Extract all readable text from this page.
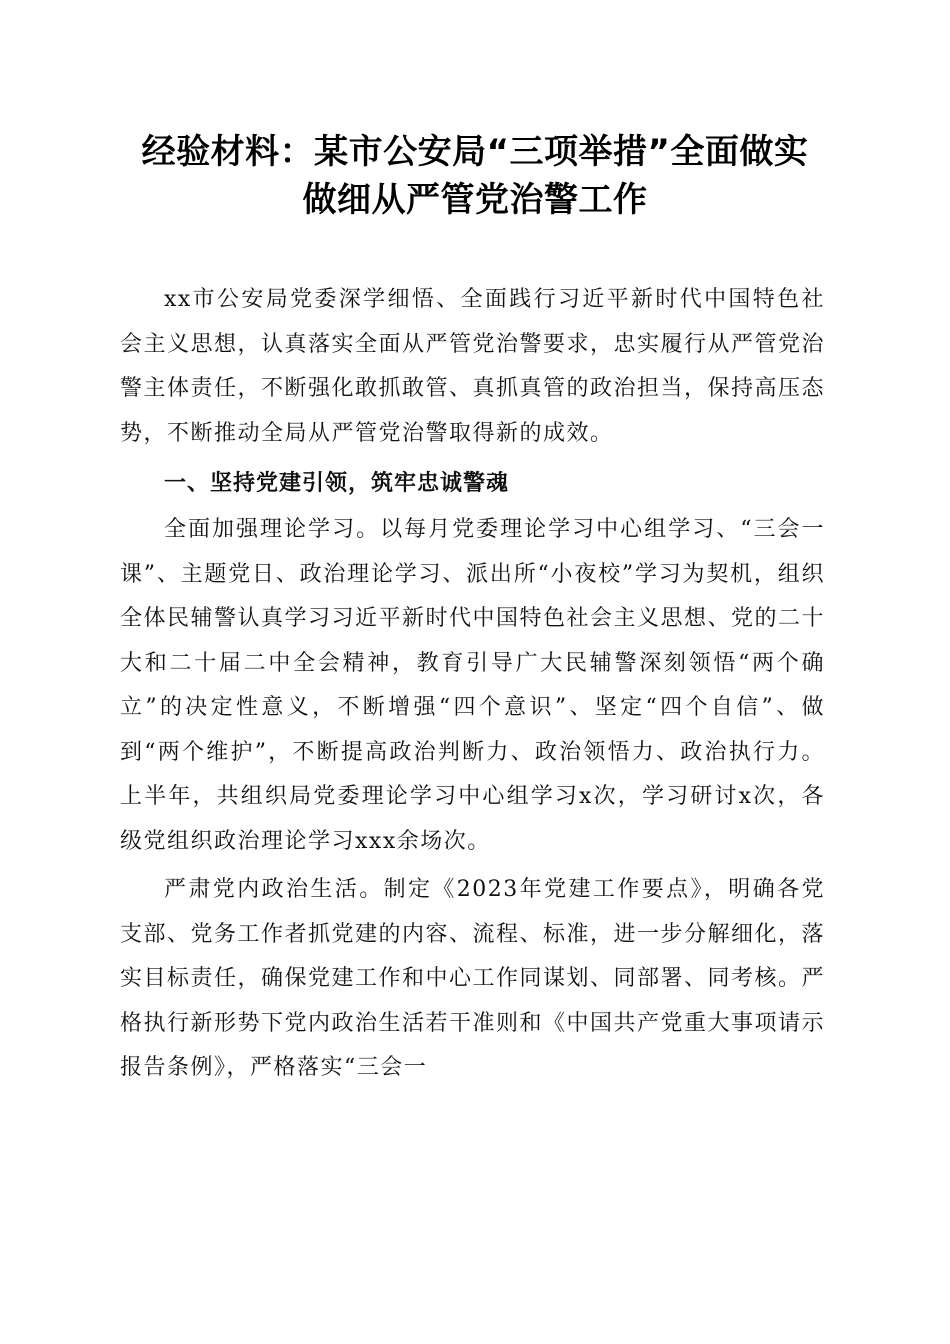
经验材料：某市公安局“三项举措”全面做实
做细从严管党治警工作

xx市公安局党委深学细悟、全面践行习近平新时代中国特色社会主义思想，认真落实全面从严管党治警要求，忠实履行从严管党治警主体责任，不断强化敢抓敢管、真抓真管的政治担当，保持高压态势，不断推动全局从严管党治警取得新的成效。

一、坚持党建引领，筑牢忠诚警魂

全面加强理论学习。以每月党委理论学习中心组学习、“三会一课”、主题党日、政治理论学习、派出所“小夜校”学习为契机，组织全体民辅警认真学习习近平新时代中国特色社会主义思想、党的二十大和二十届二中全会精神，教育引导广大民辅警深刻领悟“两个确立”的决定性意义，不断增强“四个意识”、坚定“四个自信”、做到“两个维护”，不断提高政治判断力、政治领悟力、政治执行力。上半年，共组织局党委理论学习中心组学习x次，学习研讨x次，各级党组织政治理论学习xxx余场次。

严肃党内政治生活。制定《2023年党建工作要点》，明确各党支部、党务工作者抓党建的内容、流程、标准，进一步分解细化，落实目标责任，确保党建工作和中心工作同谋划、同部署、同考核。严格执行新形势下党内政治生活若干准则和《中国共产党重大事项请示报告条例》，严格落实“三会一
